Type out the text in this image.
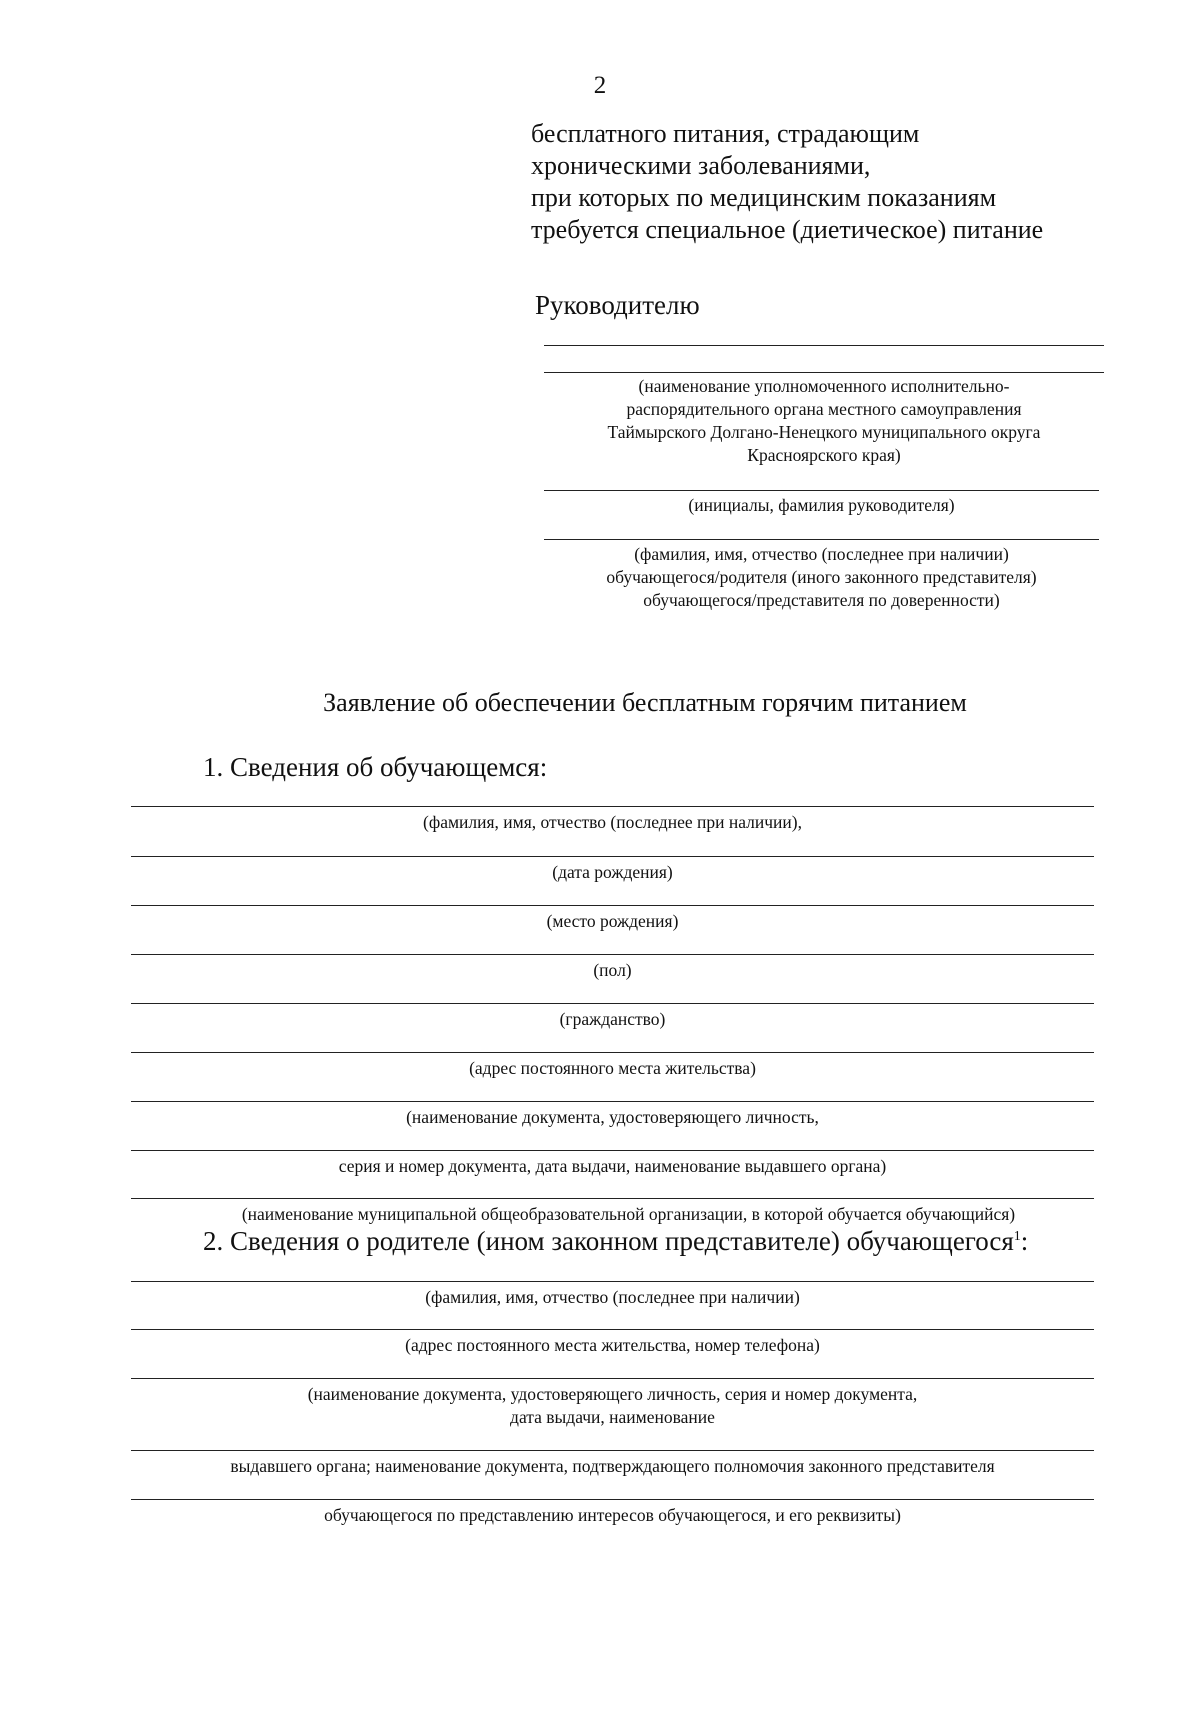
2
бесплатного питания, страдающим
хроническими заболеваниями,
при которых по медицинским показаниям
требуется специальное (диетическое) питание
Руководителю
(наименование уполномоченного исполнительно-
распорядительного органа местного самоуправления
Таймырского Долгано-Ненецкого муниципального округа
Красноярского края)
(инициалы, фамилия руководителя)
(фамилия, имя, отчество (последнее при наличии)
обучающегося/родителя (иного законного представителя)
обучающегося/представителя по доверенности)
Заявление об обеспечении бесплатным горячим питанием
1. Сведения об обучающемся:
(фамилия, имя, отчество (последнее при наличии),
(дата рождения)
(место рождения)
(пол)
(гражданство)
(адрес постоянного места жительства)
(наименование документа, удостоверяющего личность,
серия и номер документа, дата выдачи, наименование выдавшего органа)
(наименование муниципальной общеобразовательной организации, в которой обучается обучающийся)
2. Сведения о родителе (ином законном представителе) обучающегося$^1$:
(фамилия, имя, отчество (последнее при наличии)
(адрес постоянного места жительства, номер телефона)
(наименование документа, удостоверяющего личность, серия и номер документа,
дата выдачи, наименование
выдавшего органа; наименование документа, подтверждающего полномочия законного представителя
обучающегося по представлению интересов обучающегося, и его реквизиты)
